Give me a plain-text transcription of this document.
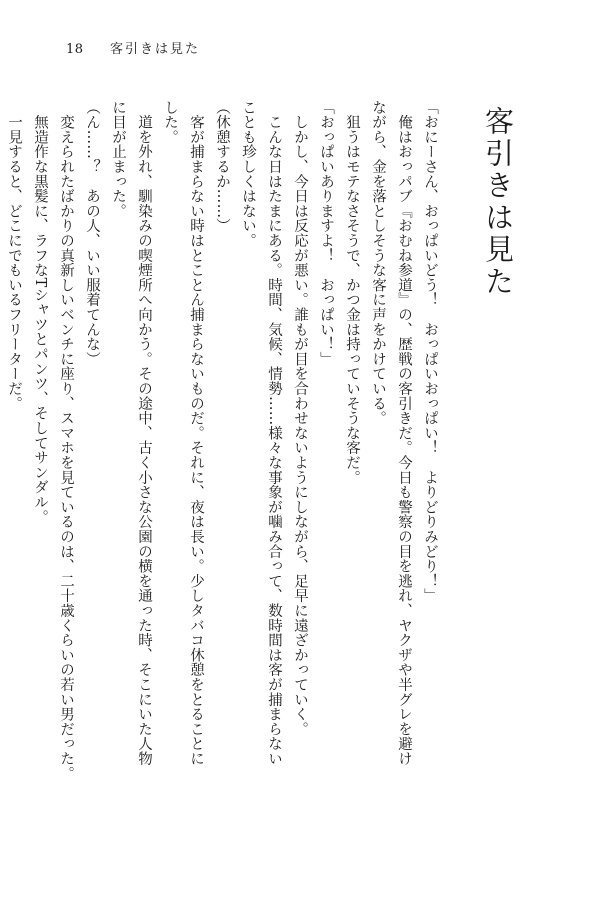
18 客引きは見た
客引きは見た

「おにーさん、おっぱいどう！　おっぱいおっぱい！　よりどりみどり！」

　俺はおっパブ『おむね参道』の、歴戦の客引きだ。今日も警察の目を逃れ、ヤクザや半グレを避け

ながら、金を落としそうな客に声をかけている。

　狙うはモテなさそうで、かつ金は持っていそうな客だ。

「おっぱいありますよ！　おっぱい！」

　しかし、今日は反応が悪い。誰もが目を合わせないようにしながら、足早に遠ざかっていく。

　こんな日はたまにある。時間、気候、情勢……様々な事象が噛み合って、数時間は客が捕まらない

ことも珍しくはない。

（休憩するか……）

　客が捕まらない時はとことん捕まらないものだ。それに、夜は長い。少しタバコ休憩をとることに

した。

　道を外れ、馴染みの喫煙所へ向かう。その途中、古く小さな公園の横を通った時、そこにいた人物

に目が止まった。

（ん……？　あの人、いい服着てんな）

　変えられたばかりの真新しいベンチに座り、スマホを見ているのは、二十歳くらいの若い男だった。

　無造作な黒髪に、ラフなTシャツとパンツ、そしてサンダル。

　一見すると、どこにでもいるフリーターだ。
